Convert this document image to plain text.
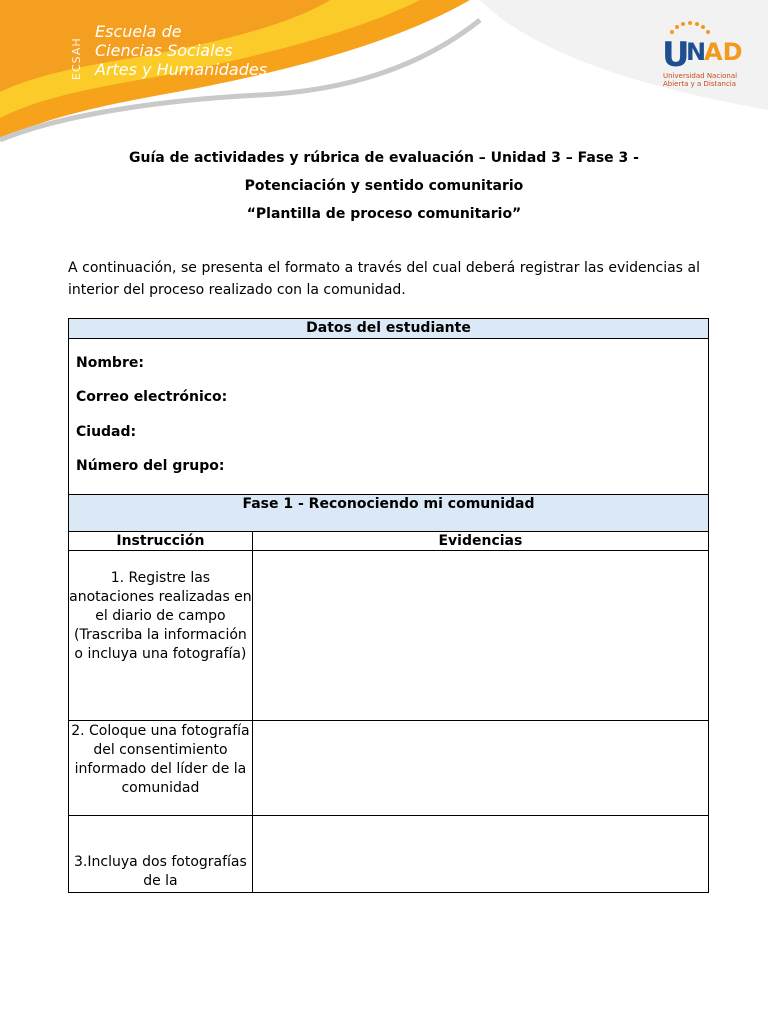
ECSAH
Escuela de
Ciencias Sociales
Artes y Humanidades	U
N
AD
Universidad Nacional
Abierta y a Distancia
Guía de actividades y rúbrica de evaluación – Unidad 3 – Fase 3 -
Potenciación y sentido comunitario
“Plantilla de proceso comunitario”
A continuación, se presenta el formato a través del cual deberá registrar las evidencias al interior del proceso realizado con la comunidad.
Datos del estudiante	

Nombre:
Correo electrónico:
Ciudad:
Número del grupo:	

Fase 1 - Reconociendo mi comunidad	

Instrucción	Evidencias
1. Registre las anotaciones realizadas en el diario de campo (Trascriba la información o incluya una fotografía)	
2. Coloque una fotografía del consentimiento informado del líder de la comunidad	
3.Incluya dos fotografías de la	
